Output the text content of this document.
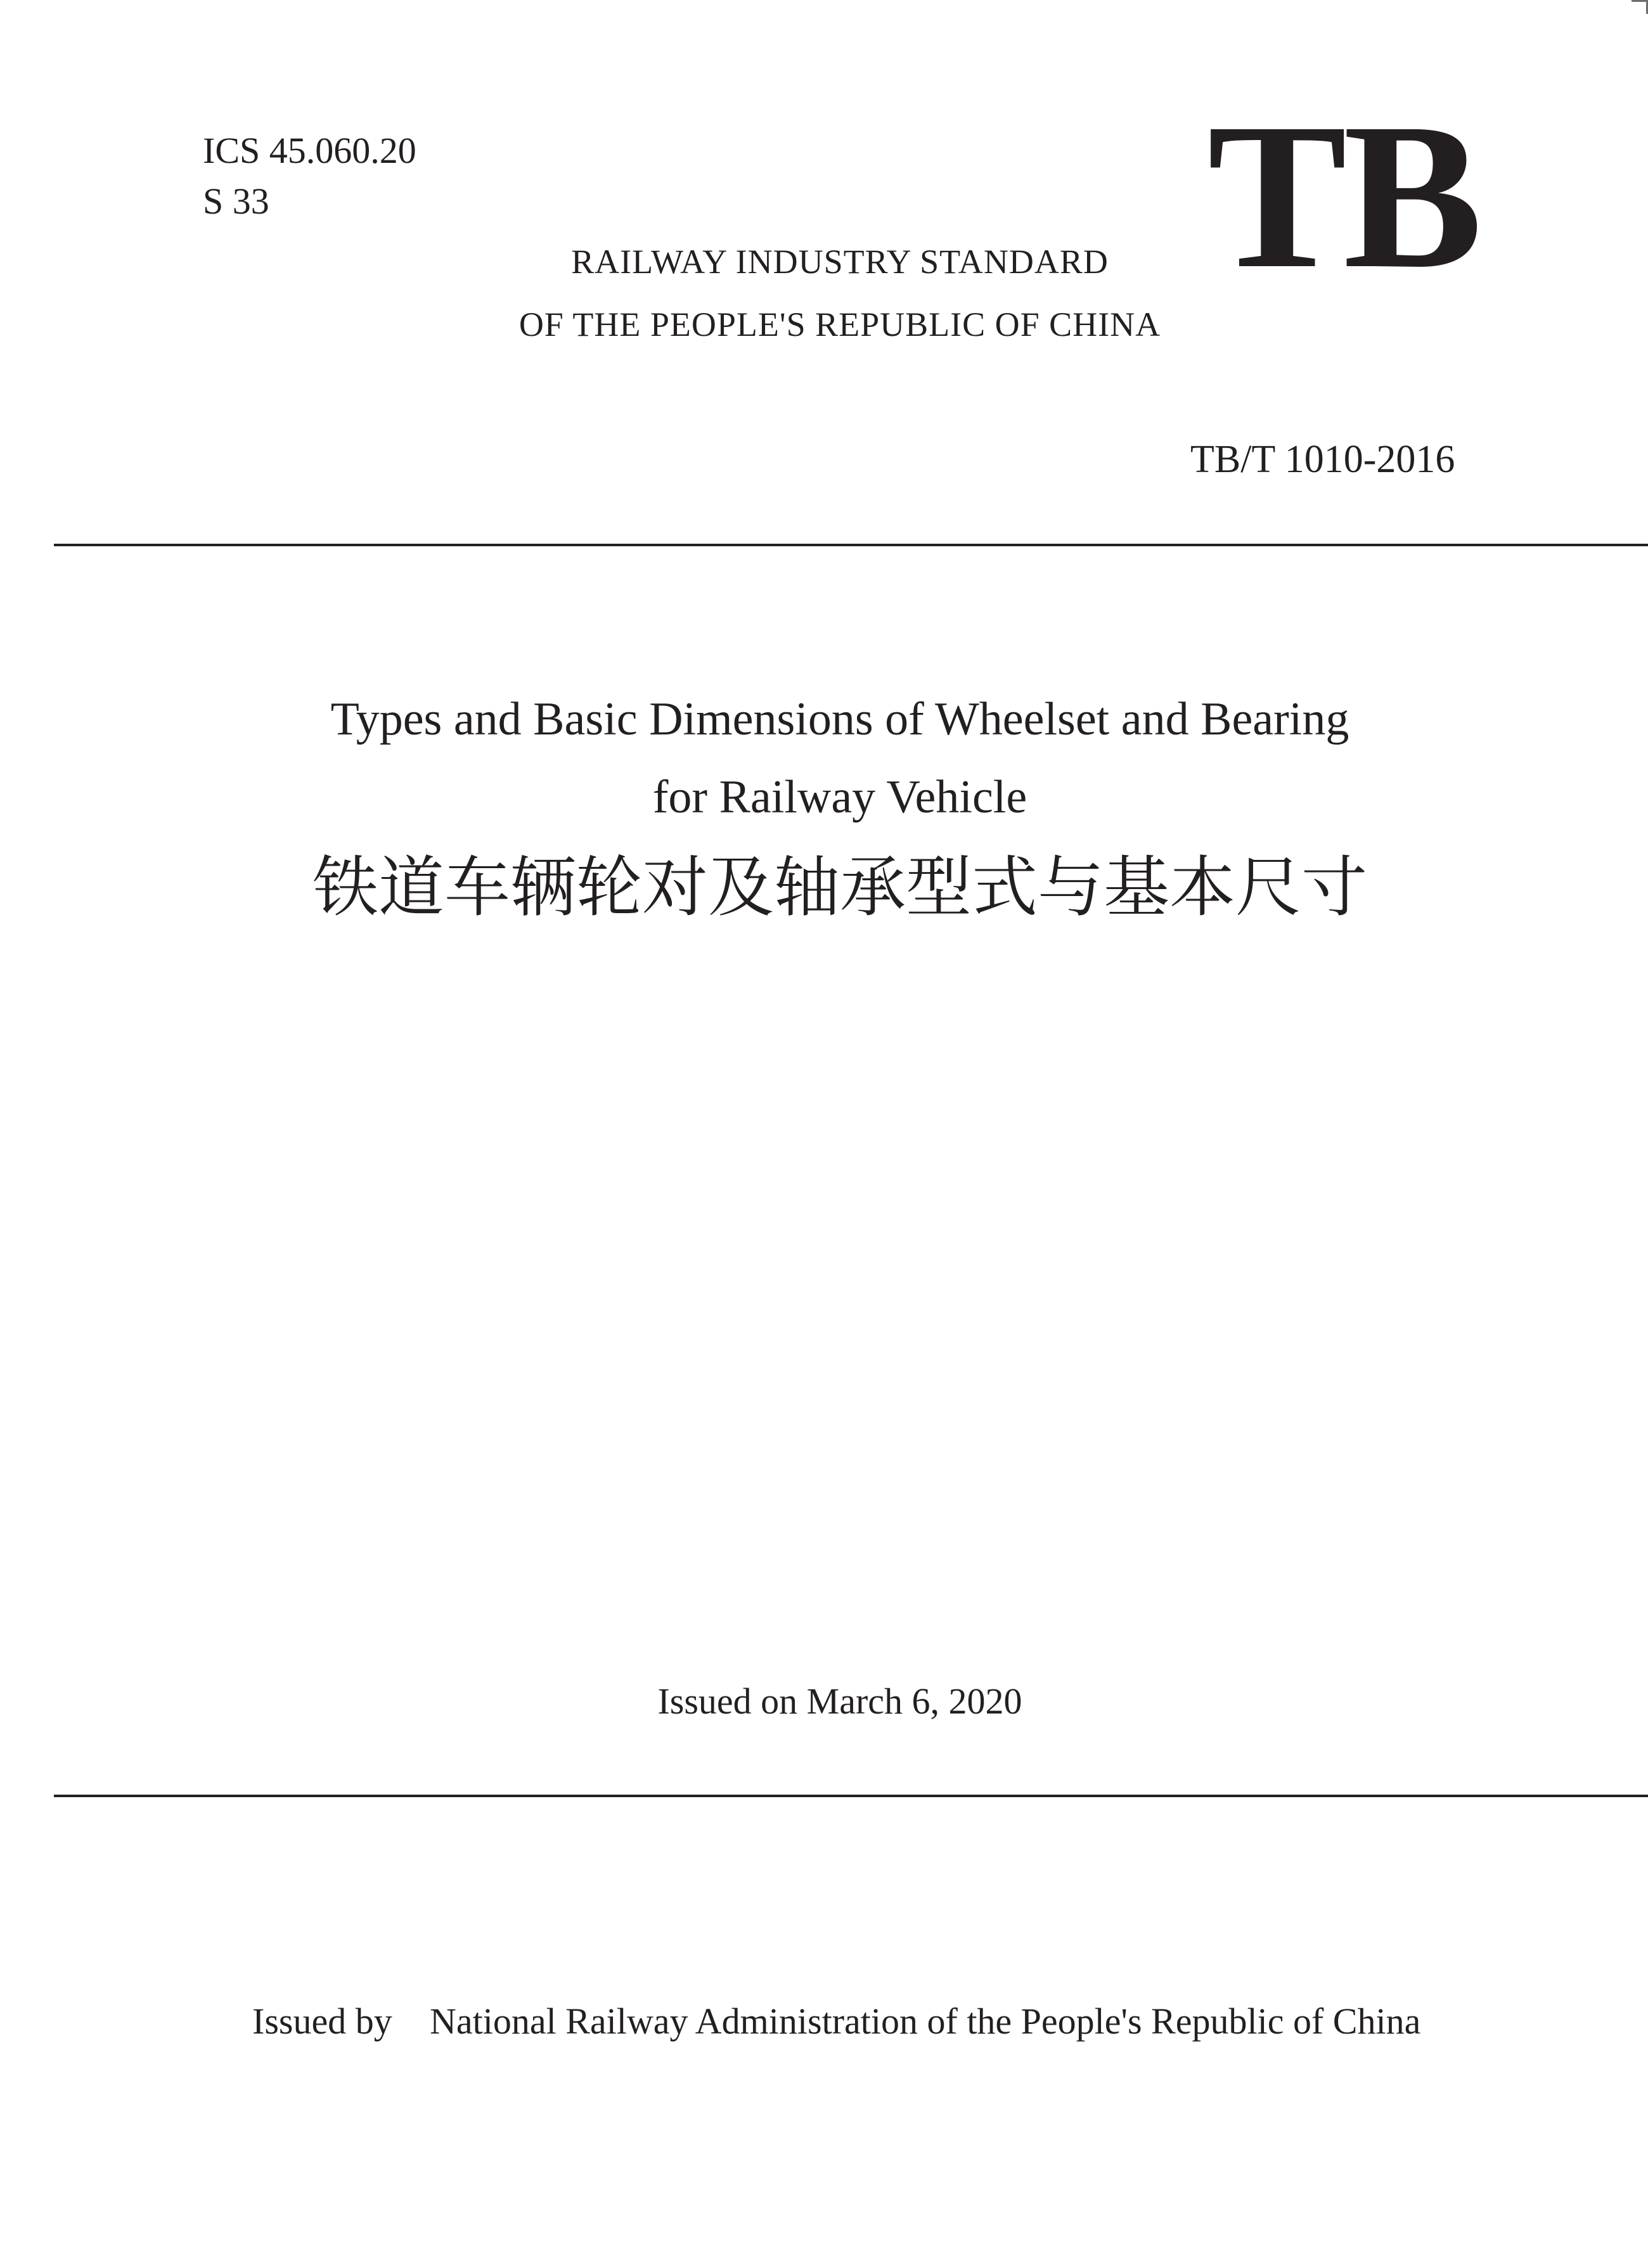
ICS 45.060.20
S 33	TB
RAILWAY INDUSTRY STANDARD
OF THE PEOPLE'S REPUBLIC OF CHINA
TB/T 1010-2016
Types and Basic Dimensions of Wheelset and Bearing
for Railway Vehicle
铁道车辆轮对及轴承型式与基本尺寸
Issued on March 6, 2020
Issued by National Railway Administration of the People's Republic of China
